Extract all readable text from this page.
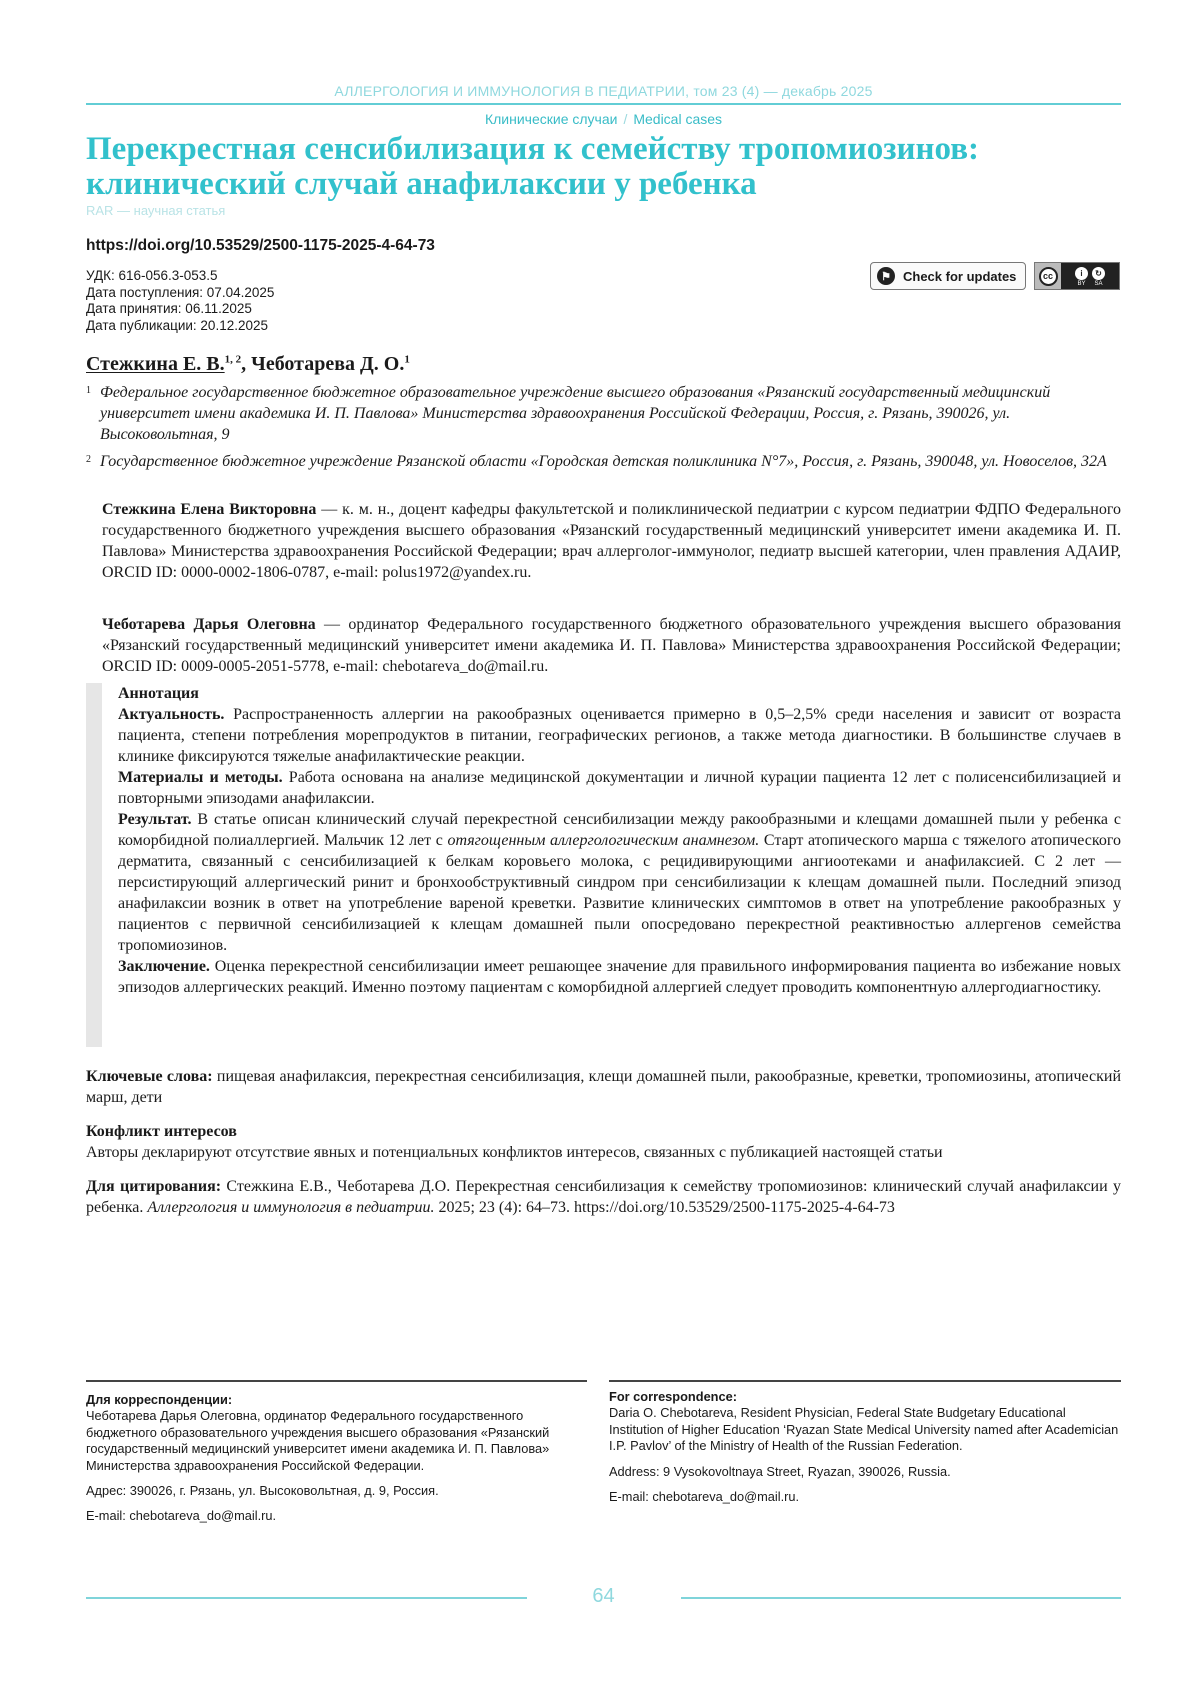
АЛЛЕРГОЛОГИЯ И ИММУНОЛОГИЯ В ПЕДИАТРИИ, том 23 (4) — декабрь 2025
Клинические случаи / Medical cases
Перекрестная сенсибилизация к семейству тропомиозинов:
клинический случай анафилаксии у ребенка
RAR — научная статья
https://doi.org/10.53529/2500-1175-2025-4-64-73
УДК: 616-056.3-053.5
Дата поступления: 07.04.2025
Дата принятия: 06.11.2025
Дата публикации: 20.12.2025
⚑ Check for updates	cc	i	↻
BY SA
Стежкина Е. В.$^{1, 2}$, Чеботарева Д. О.$^1$
1 Федеральное государственное бюджетное образовательное учреждение высшего образования «Рязанский государственный медицинский университет имени академика И. П. Павлова» Министерства здравоохранения Российской Федерации, Россия, г. Рязань, 390026, ул. Высоковольтная, 9
2 Государственное бюджетное учреждение Рязанской области «Городская детская поликлиника N°7», Россия, г. Рязань, 390048, ул. Новоселов, 32А
Стежкина Елена Викторовна — к. м. н., доцент кафедры факультетской и поликлинической педиатрии с курсом педиатрии ФДПО Федерального государственного бюджетного учреждения высшего образования «Рязанский государственный медицинский университет имени академика И. П. Павлова» Министерства здравоохранения Российской Федерации; врач аллерголог-иммунолог, педиатр высшей категории, член правления АДАИР, ORCID ID: 0000-0002-1806-0787, e-mail: polus1972@yandex.ru.
Чеботарева Дарья Олеговна — ординатор Федерального государственного бюджетного образовательного учреждения высшего образования «Рязанский государственный медицинский университет имени академика И. П. Павлова» Министерства здравоохранения Российской Федерации; ORCID ID: 0009-0005-2051-5778, e-mail: chebotareva_do@mail.ru.
Аннотация

Актуальность. Распространенность аллергии на ракообразных оценивается примерно в 0,5–2,5% среди населения и зависит от возраста пациента, степени потребления морепродуктов в питании, географических регионов, а также метода диагностики. В большинстве случаев в клинике фиксируются тяжелые анафилактические реакции.

Материалы и методы. Работа основана на анализе медицинской документации и личной курации пациента 12 лет с полисенсибилизацией и повторными эпизодами анафилаксии.

Результат. В статье описан клинический случай перекрестной сенсибилизации между ракообразными и клещами домашней пыли у ребенка с коморбидной полиаллергией. Мальчик 12 лет с отягощенным аллергологическим анамнезом. Старт атопического марша с тяжелого атопического дерматита, связанный с сенсибилизацией к белкам коровьего молока, с рецидивирующими ангиоотеками и анафилаксией. С 2 лет — персистирующий аллергический ринит и бронхообструктивный синдром при сенсибилизации к клещам домашней пыли. Последний эпизод анафилаксии возник в ответ на употребление вареной креветки. Развитие клинических симптомов в ответ на употребление ракообразных у пациентов с первичной сенсибилизацией к клещам домашней пыли опосредовано перекрестной реактивностью аллергенов семейства тропомиозинов.

Заключение. Оценка перекрестной сенсибилизации имеет решающее значение для правильного информирования пациента во избежание новых эпизодов аллергических реакций. Именно поэтому пациентам с коморбидной аллергией следует проводить компонентную аллергодиагностику.

Ключевые слова: пищевая анафилаксия, перекрестная сенсибилизация, клещи домашней пыли, ракообразные, креветки, тропомиозины, атопический марш, дети
Конфликт интересов
Авторы декларируют отсутствие явных и потенциальных конфликтов интересов, связанных с публикацией настоящей статьи
Для цитирования: Стежкина Е.В., Чеботарева Д.О. Перекрестная сенсибилизация к семейству тропомиозинов: клинический случай анафилаксии у ребенка. Аллергология и иммунология в педиатрии. 2025; 23 (4): 64–73. https://doi.org/10.53529/2500-1175-2025-4-64-73

Для корреспонденции:

Чеботарева Дарья Олеговна, ординатор Федерального государственного бюджетного образовательного учреждения высшего образования «Рязанский государственный медицинский университет имени академика И. П. Павлова» Министерства здравоохранения Российской Федерации.

Адрес: 390026, г. Рязань, ул. Высоковольтная, д. 9, Россия.

E-mail: chebotareva_do@mail.ru.

For correspondence:

Daria O. Chebotareva, Resident Physician, Federal State Budgetary Educational Institution of Higher Education ‘Ryazan State Medical University named after Academician I.P. Pavlov’ of the Ministry of Health of the Russian Federation.

Address: 9 Vysokovoltnaya Street, Ryazan, 390026, Russia.

E-mail: chebotareva_do@mail.ru.

64
